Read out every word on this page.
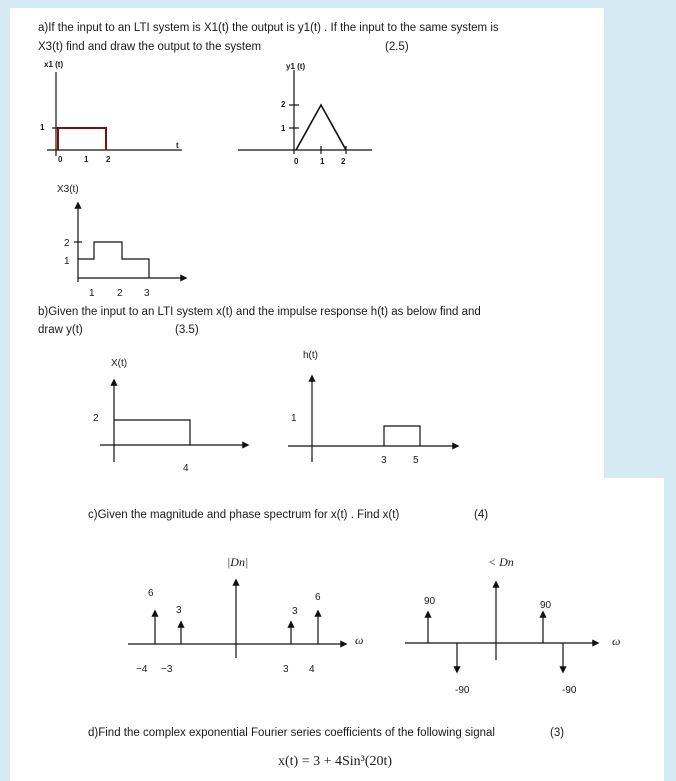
a)If the input to an LTI system is X1(t) the output is y1(t) . If the input to the same system is
X3(t) find and draw the output to the system	(2.5)
x1 (t)
t
1
0	1 2
y1 (t)
2
1
0	1 2
X3(t)
2
1
1 2 3
b)Given the input to an LTI system x(t) and the impulse response h(t) as below find and
draw y(t)	(3.5)
X(t)
2
4
h(t)
1
3	5
c)Given the magnitude and phase spectrum for x(t) . Find x(t)	(4)
|Dn|
6
3	3
6
−4 −3	3 4
ω
< Dn
90	90
-90	-90
ω
d)Find the complex exponential Fourier series coefficients of the following signal	(3)
x(t) = 3 + 4Sin³(20t)
